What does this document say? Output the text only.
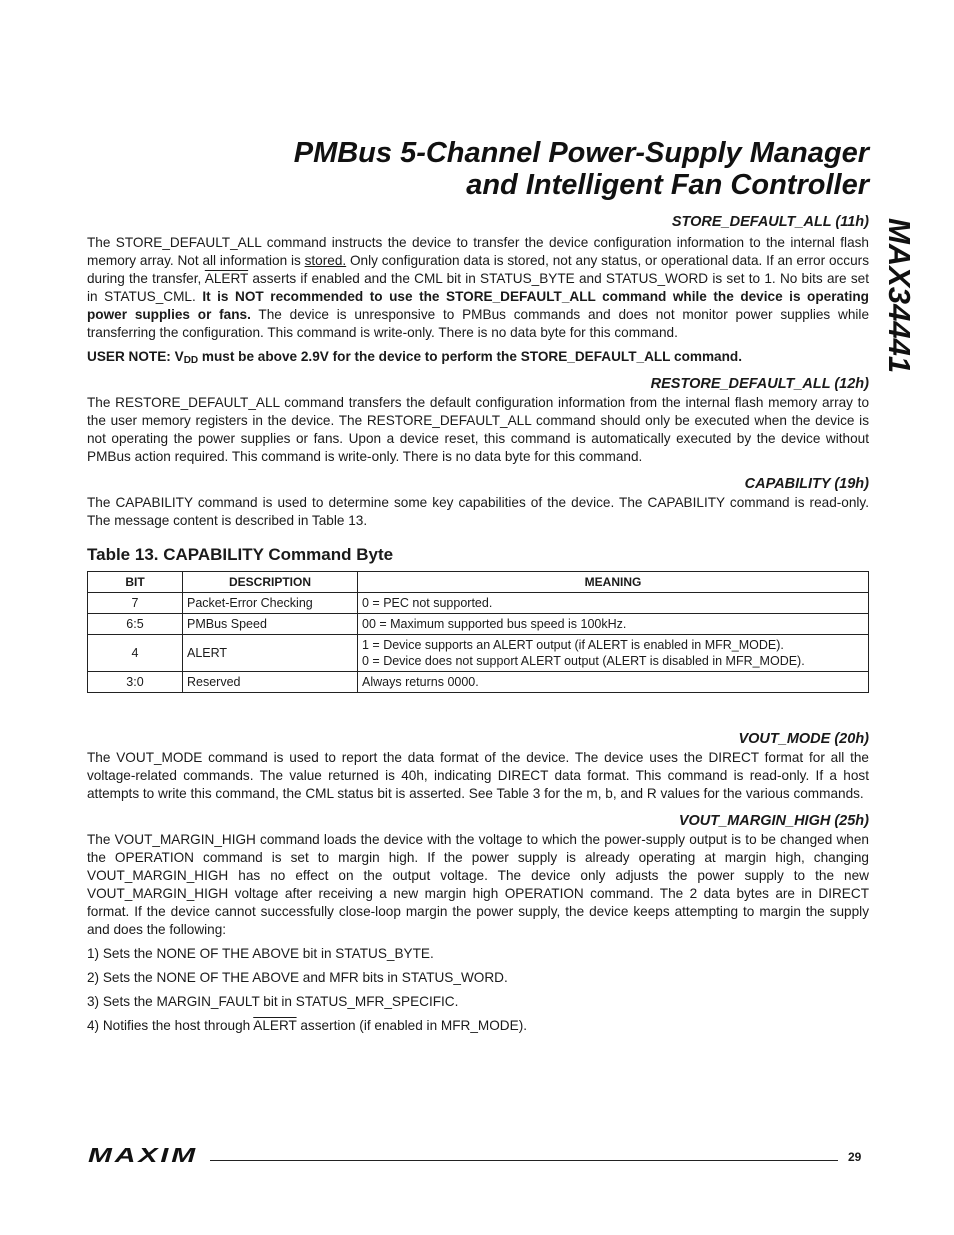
PMBus 5-Channel Power-Supply Manager
and Intelligent Fan Controller
MAX34441

STORE_DEFAULT_ALL (11h)

The STORE_DEFAULT_ALL command instructs the device to transfer the device configuration information to the internal flash memory array. Not all information is stored. Only configuration data is stored, not any status, or operational data. If an error occurs during the transfer, ALERT asserts if enabled and the CML bit in STATUS_BYTE and STATUS_WORD is set to 1. No bits are set in STATUS_CML. It is NOT recommended to use the STORE_DEFAULT_ALL command while the device is operating power supplies or fans. The device is unresponsive to PMBus commands and does not monitor power supplies while transferring the configuration. This command is write-only. There is no data byte for this command.

USER NOTE: $V_{DD}$ must be above 2.9V for the device to perform the STORE_DEFAULT_ALL command.

RESTORE_DEFAULT_ALL (12h)

The RESTORE_DEFAULT_ALL command transfers the default configuration information from the internal flash memory array to the user memory registers in the device. The RESTORE_DEFAULT_ALL command should only be executed when the device is not operating the power supplies or fans. Upon a device reset, this command is automatically executed by the device without PMBus action required. This command is write-only. There is no data byte for this command.

CAPABILITY (19h)

The CAPABILITY command is used to determine some key capabilities of the device. The CAPABILITY command is read-only. The message content is described in Table 13.

Table 13. CAPABILITY Command Byte

BIT	DESCRIPTION	MEANING
7	Packet-Error Checking	0 = PEC not supported.
6:5	PMBus Speed	00 = Maximum supported bus speed is 100kHz.
4	ALERT	1 = Device supports an ALERT output (if ALERT is enabled in MFR_MODE).
0 = Device does not support ALERT output (ALERT is disabled in MFR_MODE).

3:0	Reserved	Always returns 0000.

VOUT_MODE (20h)

The VOUT_MODE command is used to report the data format of the device. The device uses the DIRECT format for all the voltage-related commands. The value returned is 40h, indicating DIRECT data format. This command is read-only. If a host attempts to write this command, the CML status bit is asserted. See Table 3 for the m, b, and R values for the various commands.

VOUT_MARGIN_HIGH (25h)

The VOUT_MARGIN_HIGH command loads the device with the voltage to which the power-supply output is to be changed when the OPERATION command is set to margin high. If the power supply is already operating at margin high, changing VOUT_MARGIN_HIGH has no effect on the output voltage. The device only adjusts the power supply to the new VOUT_MARGIN_HIGH voltage after receiving a new margin high OPERATION command. The 2 data bytes are in DIRECT format. If the device cannot successfully close-loop margin the power supply, the device keeps attempting to margin the supply and does the following:

1) Sets the NONE OF THE ABOVE bit in STATUS_BYTE.

2) Sets the NONE OF THE ABOVE and MFR bits in STATUS_WORD.

3) Sets the MARGIN_FAULT bit in STATUS_MFR_SPECIFIC.

4) Notifies the host through ALERT assertion (if enabled in MFR_MODE).

MAXIM	29
